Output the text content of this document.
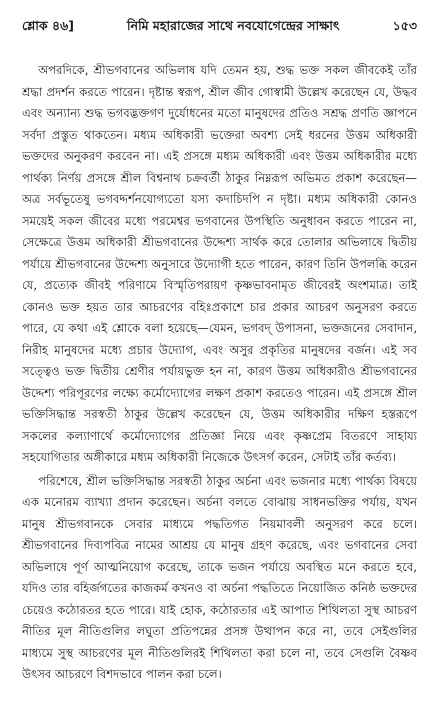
শ্লোক ৪৬]	নিমি মহারাজের সাথে নবযোগেন্দ্রের সাক্ষাৎ	১৫৩

অপরদিকে, শ্রীভগবানের অভিলাষ যদি তেমন হয়, শুদ্ধ ভক্ত সকল জীবকেই তাঁর শ্রদ্ধা প্রদর্শন করতে পারেন। দৃষ্টান্ত স্বরূপ, শ্রীল জীব গোস্বামী উল্লেখ করেছেন যে, উদ্ধব এবং অন্যান্য শুদ্ধ ভগবদ্ভক্তগণ দুর্যোধনের মতো মানুষদের প্রতিও সশ্রদ্ধ প্রণতি জ্ঞাপনে সর্বদা প্রস্তুত থাকতেন। মধ্যম অধিকারী ভক্তেরা অবশ্য সেই ধরনের উত্তম অধিকারী ভক্তদের অনুকরণ করবেন না। এই প্রসঙ্গে মধ্যম অধিকারী এবং উত্তম অধিকারীর মধ্যে পার্থক্য নির্ণয় প্রসঙ্গে শ্রীল বিশ্বনাথ চক্রবর্তী ঠাকুর নিম্নরূপ অভিমত প্রকাশ করেছেন—অত্র সর্বভূতেষু ভগবদ্দর্শনযোগ্যতো যস্য কদাচিদপি ন দৃষ্টা। মধ্যম অধিকারী কোনও সময়েই সকল জীবের মধ্যে পরমেশ্বর ভগবানের উপস্থিতি অনুধাবন করতে পারেন না, সেক্ষেত্রে উত্তম অধিকারী শ্রীভগবানের উদ্দেশ্য সার্থক করে তোলার অভিলাষে দ্বিতীয় পর্যায়ে শ্রীভগবানের উদ্দেশ্য অনুসারে উদ্যোগী হতে পারেন, কারণ তিনি উপলব্ধি করেন যে, প্রত্যেক জীবই পরিণামে বিস্মৃতিপরায়ণ কৃষ্ণভাবনামৃত জীবেরই অংশমাত্র। তাই কোনও ভক্ত হয়ত তার আচরণের বহিঃপ্রকাশে চার প্রকার আচরণ অনুসরণ করতে পারে, যে কথা এই শ্লোকে বলা হয়েছে—যেমন, ভগবদ্ উপাসনা, ভক্তজনের সেবাদান, নিরীহ মানুষদের মধ্যে প্রচার উদ্যোগ, এবং অসুর প্রকৃতির মানুষদের বর্জন। এই সব সত্ত্বেও ভক্ত দ্বিতীয় শ্রেণীর পর্যায়ভুক্ত হন না, কারণ উত্তম অধিকারীও শ্রীভগবানের উদ্দেশ্য পরিপূরণের লক্ষ্যে কর্মোদ্যোগের লক্ষণ প্রকাশ করতেও পারেন। এই প্রসঙ্গে শ্রীল ভক্তিসিদ্ধান্ত সরস্বতী ঠাকুর উল্লেখ করেছেন যে, উত্তম অধিকারীর দক্ষিণ হস্তরূপে সকলের কল্যাণার্থে কর্মোদ্যোগের প্রতিজ্ঞা নিয়ে এবং কৃষ্ণপ্রেম বিতরণে সাহায্য সহযোগিতার অঙ্গীকারে মধ্যম অধিকারী নিজেকে উৎসর্গ করেন, সেটাই তাঁর কর্তব্য।

পরিশেষে, শ্রীল ভক্তিসিদ্ধান্ত সরস্বতী ঠাকুর অর্চনা এবং ভজনার মধ্যে পার্থক্য বিষয়ে এক মনোরম ব্যাখ্যা প্রদান করেছেন। অর্চনা বলতে বোঝায় সাধনভক্তির পর্যায়, যখন মানুষ শ্রীভগবানকে সেবার মাধ্যমে পদ্ধতিগত নিয়মাবলী অনুসরণ করে চলে। শ্রীভগবানের দিব্যপবিত্র নামের আশ্রয় যে মানুষ গ্রহণ করেছে, এবং ভগবানের সেবা অভিলাষে পূর্ণ আত্মনিয়োগ করেছে, তাকে ভজন পর্যায়ে অবস্থিত মনে করতে হবে, যদিও তার বহির্জগতের কাজকর্ম কখনও বা অর্চনা পদ্ধতিতে নিয়োজিত কনিষ্ঠ ভক্তদের চেয়েও কঠোরতর হতে পারে। যাই হোক, কঠোরতার এই আপাত শিথিলতা সুস্থ আচরণ নীতির মূল নীতিগুলির লঘুতা প্রতিপন্নের প্রসঙ্গ উত্থাপন করে না, তবে সেইগুলির মাধ্যমে সুস্থ আচরণের মূল নীতিগুলিরই শিথিলতা করা চলে না, তবে সেগুলি বৈষ্ণব উৎসব আচরণে বিশদভাবে পালন করা চলে।
